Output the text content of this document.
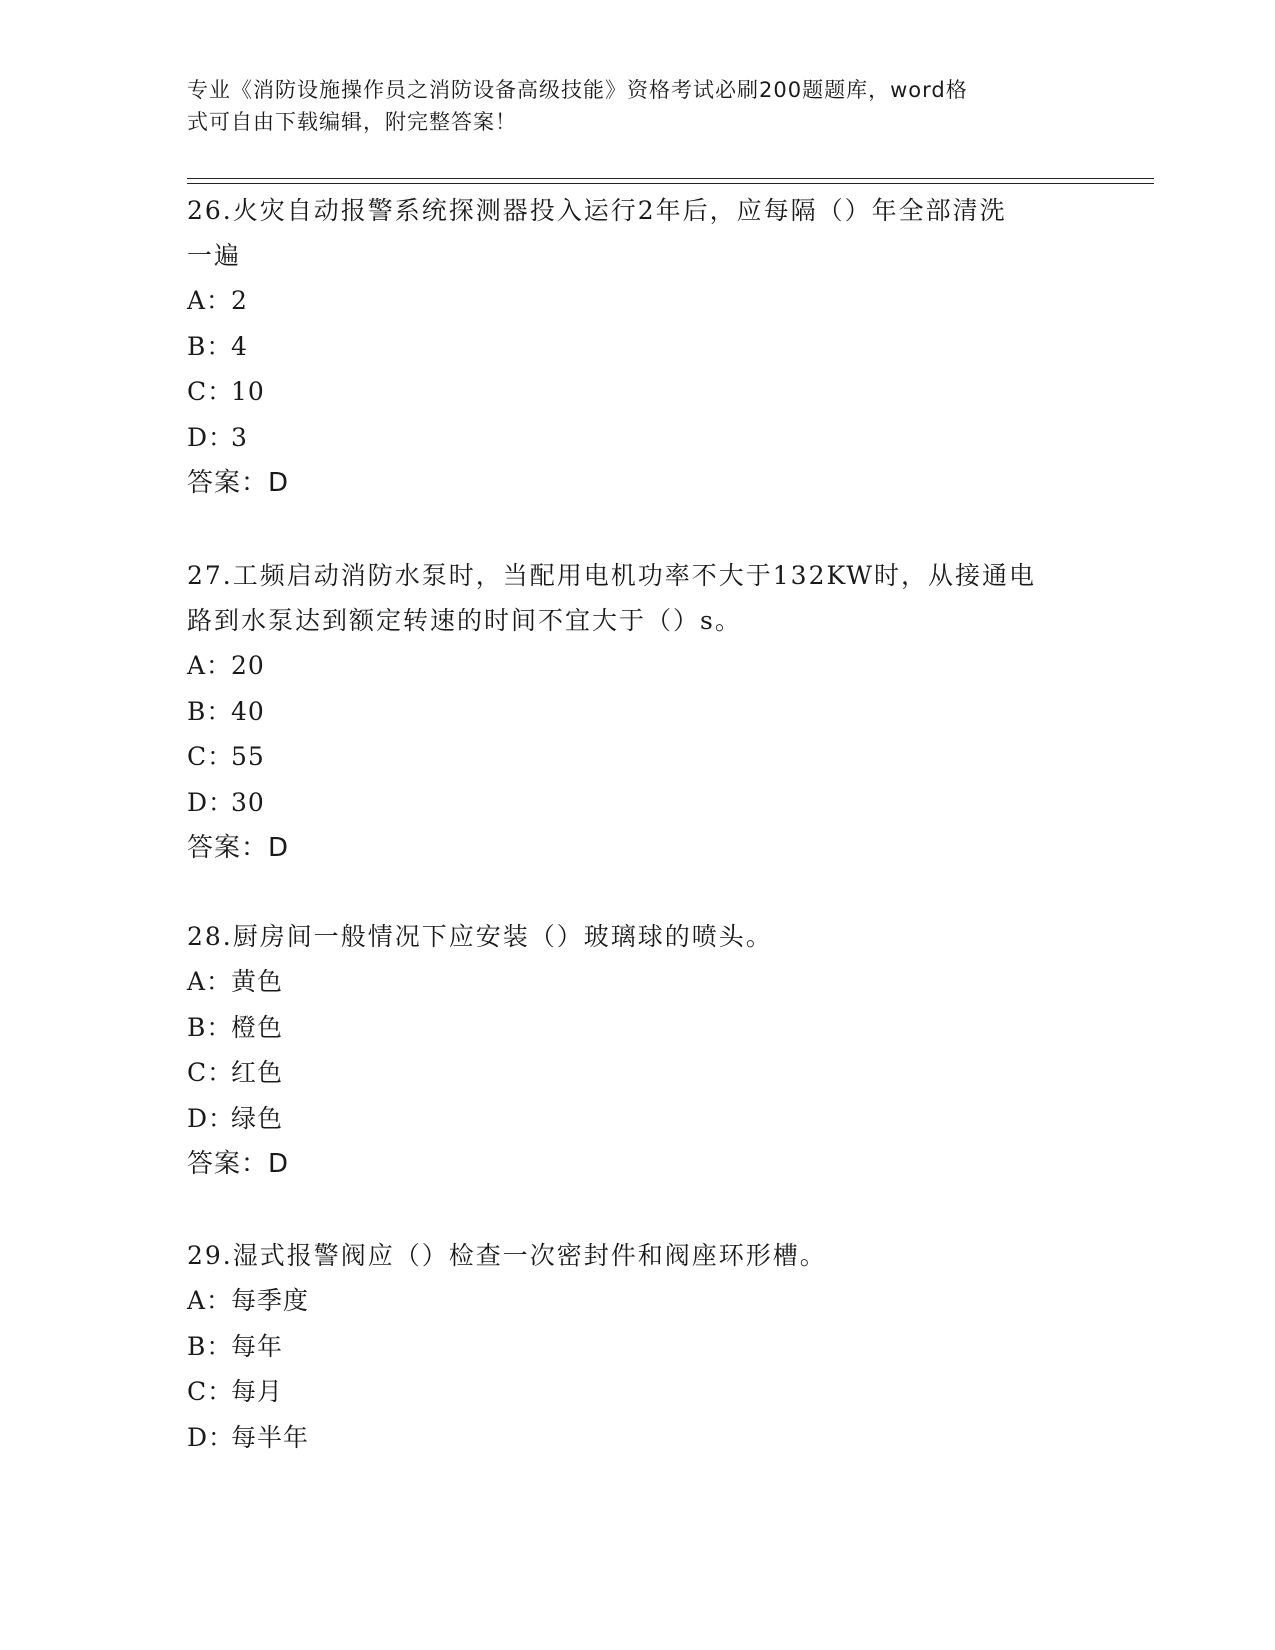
专业《消防设施操作员之消防设备高级技能》资格考试必刷200题题库，word格
式可自由下载编辑，附完整答案！

26.火灾自动报警系统探测器投入运行2年后，应每隔（）年全部清洗

一遍

A：2

B：4

C：10

D：3

答案：D

27.工频启动消防水泵时，当配用电机功率不大于132KW时，从接通电

路到水泵达到额定转速的时间不宜大于（）s。

A：20

B：40

C：55

D：30

答案：D

28.厨房间一般情况下应安装（）玻璃球的喷头。

A：黄色

B：橙色

C：红色

D：绿色

答案：D

29.湿式报警阀应（）检查一次密封件和阀座环形槽。

A：每季度

B：每年

C：每月

D：每半年
